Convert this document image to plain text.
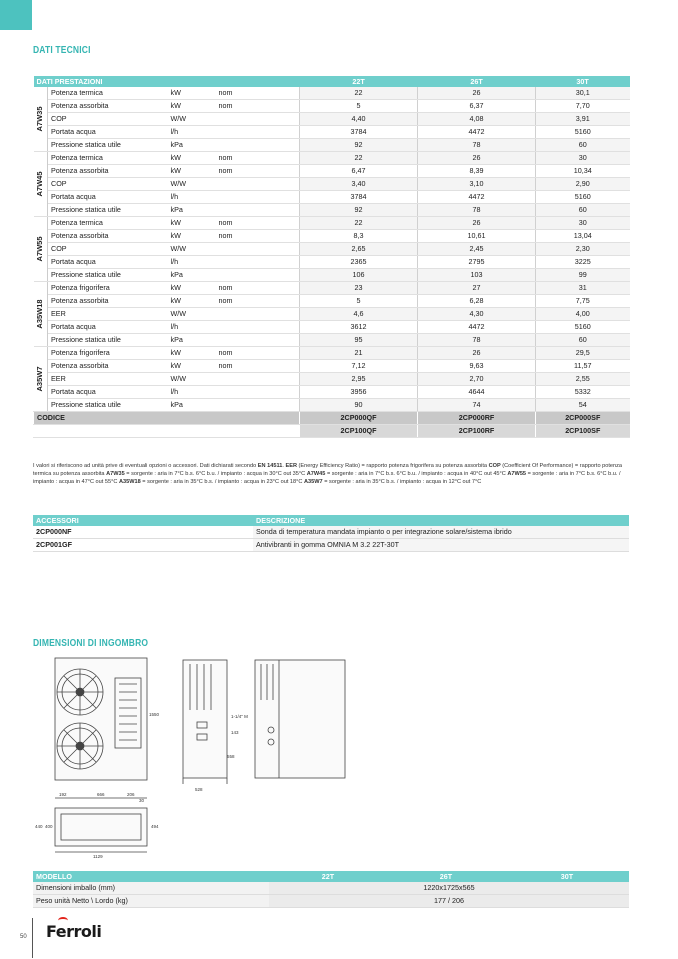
DATI TECNICI
DATI PRESTAZIONI				22T	26T	30T

A7W35	Potenza termica	kW	nom	22	26	30,1
	Potenza assorbita	kW	nom	5	6,37	7,70
	COP	W/W		4,40	4,08	3,91
	Portata acqua	l/h		3784	4472	5160
	Pressione statica utile	kPa		92	78	60

A7W45	Potenza termica	kW	nom	22	26	30
	Potenza assorbita	kW	nom	6,47	8,39	10,34
	COP	W/W		3,40	3,10	2,90
	Portata acqua	l/h		3784	4472	5160
	Pressione statica utile	kPa		92	78	60

A7W55	Potenza termica	kW	nom	22	26	30
	Potenza assorbita	kW	nom	8,3	10,61	13,04
	COP	W/W		2,65	2,45	2,30
	Portata acqua	l/h		2365	2795	3225
	Pressione statica utile	kPa		106	103	99

A35W18	Potenza frigorifera	kW	nom	23	27	31
	Potenza assorbita	kW	nom	5	6,28	7,75
	EER	W/W		4,6	4,30	4,00
	Portata acqua	l/h		3612	4472	5160
	Pressione statica utile	kPa		95	78	60

A35W7	Potenza frigorifera	kW	nom	21	26	29,5
	Potenza assorbita	kW	nom	7,12	9,63	11,57
	EER	W/W		2,95	2,70	2,55
	Portata acqua	l/h		3956	4644	5332
	Pressione statica utile	kPa		90	74	54
CODICE				2CP000QF	2CP000RF	2CP000SF
				2CP100QF	2CP100RF	2CP100SF
I valori si riferiscono ad unità prive di eventuali opzioni o accessori. Dati dichiarati secondo EN 14511. EER (Energy Efficiency Ratio) = rapporto potenza frigorifera su potenza assorbita COP (Coefficient Of Performance) = rapporto potenza termica su potenza assorbita A7W35 = sorgente : aria in 7°C b.s. 6°C b.u. / impianto : acqua in 30°C out 35°C A7W45 = sorgente : aria in 7°C b.s. 6°C b.u. / impianto : acqua in 40°C out 45°C A7W55 = sorgente : aria in 7°C b.s. 6°C b.u. / impianto : acqua in 47°C out 55°C A35W18 = sorgente : aria in 35°C b.s. / impianto : acqua in 23°C out 18°C A35W7 = sorgente : aria in 35°C b.s. / impianto : acqua in 12°C out 7°C
ACCESSORI	DESCRIZIONE
2CP000NF	Sonda di temperatura mandata impianto o per integrazione solare/sistema ibrido
2CP001GF	Antivibranti in gomma OMNIA M 3.2 22T-30T
DIMENSIONI DI INGOMBRO
1550
528
1-1/4" M
143
558
192	666	206
30
440 400	494
1129
MODELLO	22T	26T	30T
Dimensioni imballo (mm)	1220x1725x565		
Peso unità Netto \ Lordo (kg)	177 / 206		
50 Ferroli
